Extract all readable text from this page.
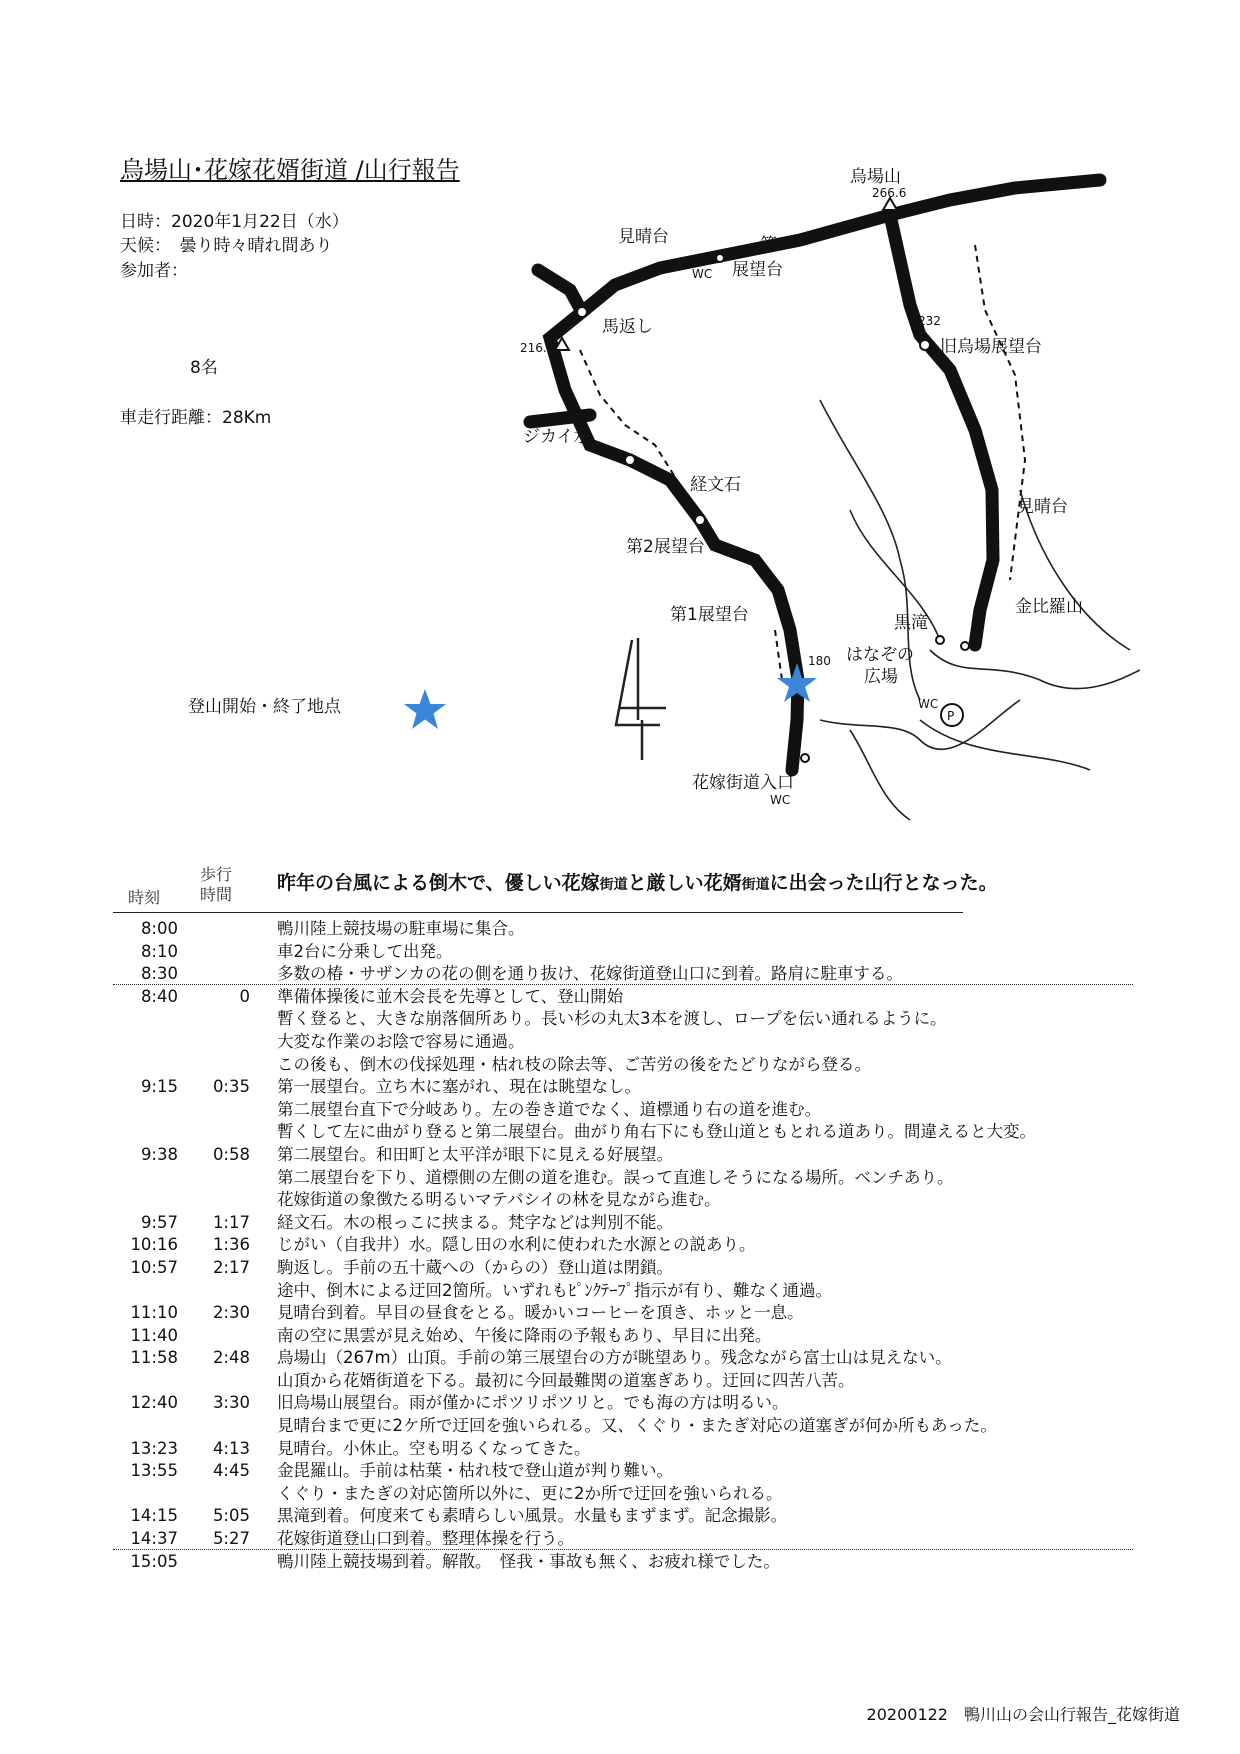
烏場山･花嫁花婿街道 /山行報告
日時：2020年1月22日（水）
天候：　曇り時々晴れ間あり
参加者：
8名
車走行距離：28Km
登山開始・終了地点
烏場山
266.6
見晴台	第3
展望台
WC
馬返し
216.4
ジカイ水
経文石
第2展望台
第1展望台
180
旧烏場展望台
232
見晴台
金比羅山
黒滝
はなぞの
広場
P
WC
花嫁街道入口
WC
時刻
歩行
時間
昨年の台風による倒木で、優しい花嫁街道と厳しい花婿街道に出会った山行となった。
8:00	鴨川陸上競技場の駐車場に集合。
8:10	車2台に分乗して出発。
8:30	多数の椿・サザンカの花の側を通り抜け、花嫁街道登山口に到着。路肩に駐車する。
8:40	0 準備体操後に並木会長を先導として、登山開始
暫く登ると、大きな崩落個所あり。長い杉の丸太3本を渡し、ロープを伝い通れるように。
大変な作業のお陰で容易に通過。
この後も、倒木の伐採処理・枯れ枝の除去等、ご苦労の後をたどりながら登る。
9:15	0:35 第一展望台。立ち木に塞がれ、現在は眺望なし。
第二展望台直下で分岐あり。左の巻き道でなく、道標通り右の道を進む。
暫くして左に曲がり登ると第二展望台。曲がり角右下にも登山道ともとれる道あり。間違えると大変。
9:38	0:58 第二展望台。和田町と太平洋が眼下に見える好展望。
第二展望台を下り、道標側の左側の道を進む。誤って直進しそうになる場所。ベンチあり。
花嫁街道の象徴たる明るいマテバシイの林を見ながら進む。
9:57	1:17 経文石。木の根っこに挟まる。梵字などは判別不能。
10:16	1:36 じがい（自我井）水。隠し田の水利に使われた水源との説あり。
10:57	2:17 駒返し。手前の五十蔵への（からの）登山道は閉鎖。
途中、倒木による迂回2箇所。いずれもﾋﾟﾝｸﾃｰﾌﾟ指示が有り、難なく通過。
11:10	2:30 見晴台到着。早目の昼食をとる。暖かいコーヒーを頂き、ホッと一息。
11:40	南の空に黒雲が見え始め、午後に降雨の予報もあり、早目に出発。
11:58	2:48 烏場山（267m）山頂。手前の第三展望台の方が眺望あり。残念ながら富士山は見えない。
山頂から花婿街道を下る。最初に今回最難関の道塞ぎあり。迂回に四苦八苦。
12:40	3:30 旧烏場山展望台。雨が僅かにポツリポツリと。でも海の方は明るい。
見晴台まで更に2ケ所で迂回を強いられる。又、くぐり・またぎ対応の道塞ぎが何か所もあった。
13:23	4:13 見晴台。小休止。空も明るくなってきた。
13:55	4:45 金毘羅山。手前は枯葉・枯れ枝で登山道が判り難い。
くぐり・またぎの対応箇所以外に、更に2か所で迂回を強いられる。
14:15	5:05 黒滝到着。何度来ても素晴らしい風景。水量もまずまず。記念撮影。
14:37	5:27 花嫁街道登山口到着。整理体操を行う。
15:05	鴨川陸上競技場到着。解散。　怪我・事故も無く、お疲れ様でした。
20200122　鴨川山の会山行報告_花嫁街道
